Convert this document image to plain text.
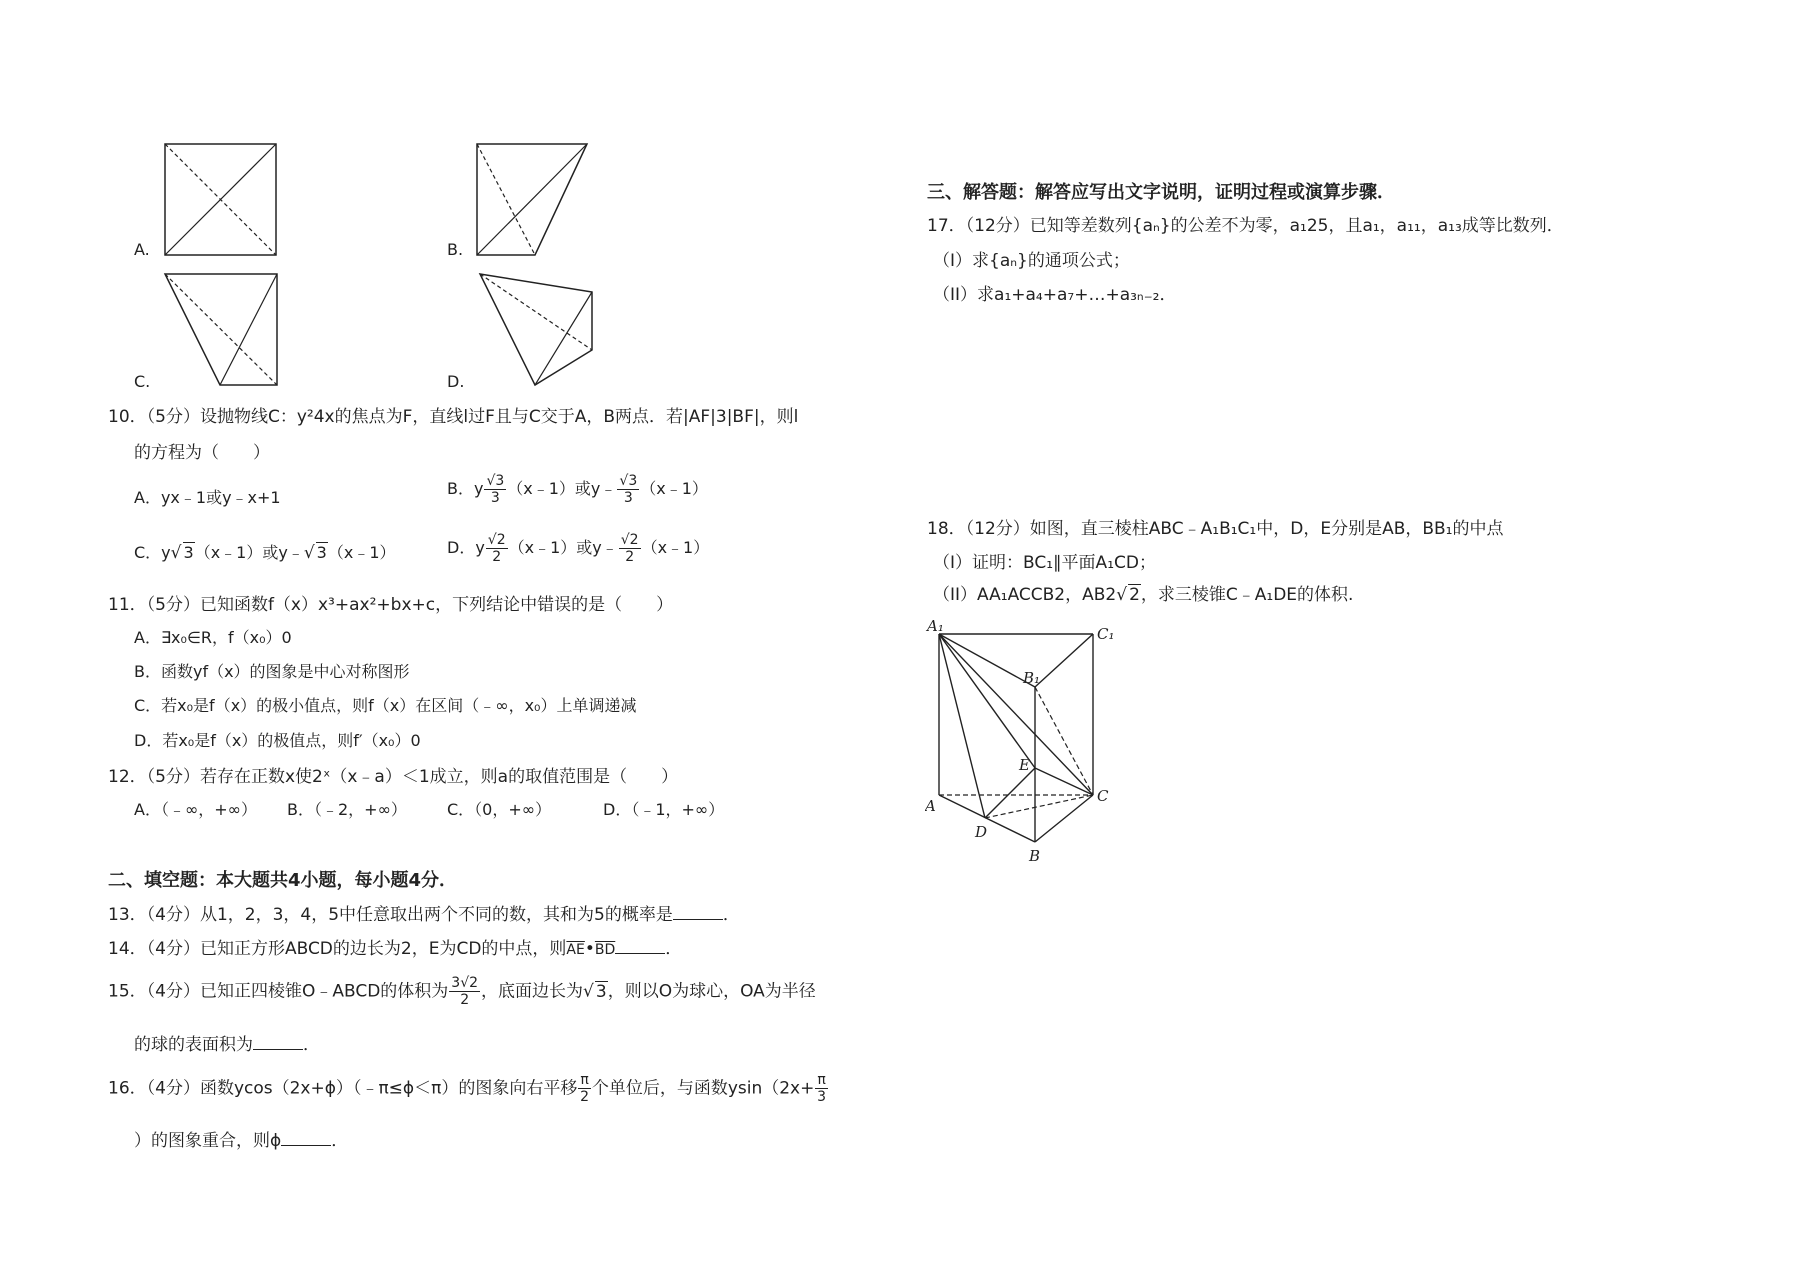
A.	B.
C.	D.
10．（5分）设抛物线C：y²4x的焦点为F，直线l过F且与C交于A，B两点．若|AF|3|BF|，则l
的方程为（　　）
A．yx﹣1或y﹣x+1	B．y $\frac{√3}{3}$ （x﹣1）或y﹣ $\frac{√3}{3}$ （x﹣1）
C．y√ 3（x﹣1）或y﹣√ 3（x﹣1）	D．y $\frac{√2}{2}$ （x﹣1）或y﹣ $\frac{√2}{2}$ （x﹣1）
11．（5分）已知函数f（x）x³+ax²+bx+c，下列结论中错误的是（　　）
A．∃x₀∈R，f（x₀）0
B．函数yf（x）的图象是中心对称图形
C．若x₀是f（x）的极小值点，则f（x）在区间（﹣∞，x₀）上单调递减
D．若x₀是f（x）的极值点，则f′（x₀）0
12．（5分）若存在正数x使2ˣ（x﹣a）＜1成立，则a的取值范围是（　　）
A．（﹣∞，+∞） B．（﹣2，+∞）	C．（0，+∞）	D．（﹣1，+∞）
二、填空题：本大题共4小题，每小题4分．
13．（4分）从1，2，3，4，5中任意取出两个不同的数，其和为5的概率是	．
14．（4分）已知正方形ABCD的边长为2，E为CD的中点，则$\overline{AE}•\overline{BD}$	．
15．（4分）已知正四棱锥O﹣ABCD的体积为 $\frac{3√2}{2}$ ，底面边长为√ 3，则以O为球心，OA为半径
的球的表面积为	．
16．（4分）函数ycos（2x+ϕ）（﹣π≤ϕ＜π）的图象向右平移 $\frac{\pi}{2}$ 个单位后，与函数$ysin(2x+ \frac{\pi}{3}$
）的图象重合，则ϕ	．
三、解答题：解答应写出文字说明，证明过程或演算步骤．
17．（12分）已知等差数列{aₙ}的公差不为零，a₁25，且a₁，a₁₁，a₁₃成等比数列．
（I）求{aₙ}的通项公式；
（II）求a₁+a₄+a₇+…+a₃ₙ₋₂．
18．（12分）如图，直三棱柱ABC﹣A₁B₁C₁中，D，E分别是AB，BB₁的中点
（I）证明：BC₁∥平面A₁CD；
（II）AA₁ACCB2，AB2√ 2，求三棱锥C﹣A₁DE的体积.
A₁	C₁
B₁
E
C
A
D
B
